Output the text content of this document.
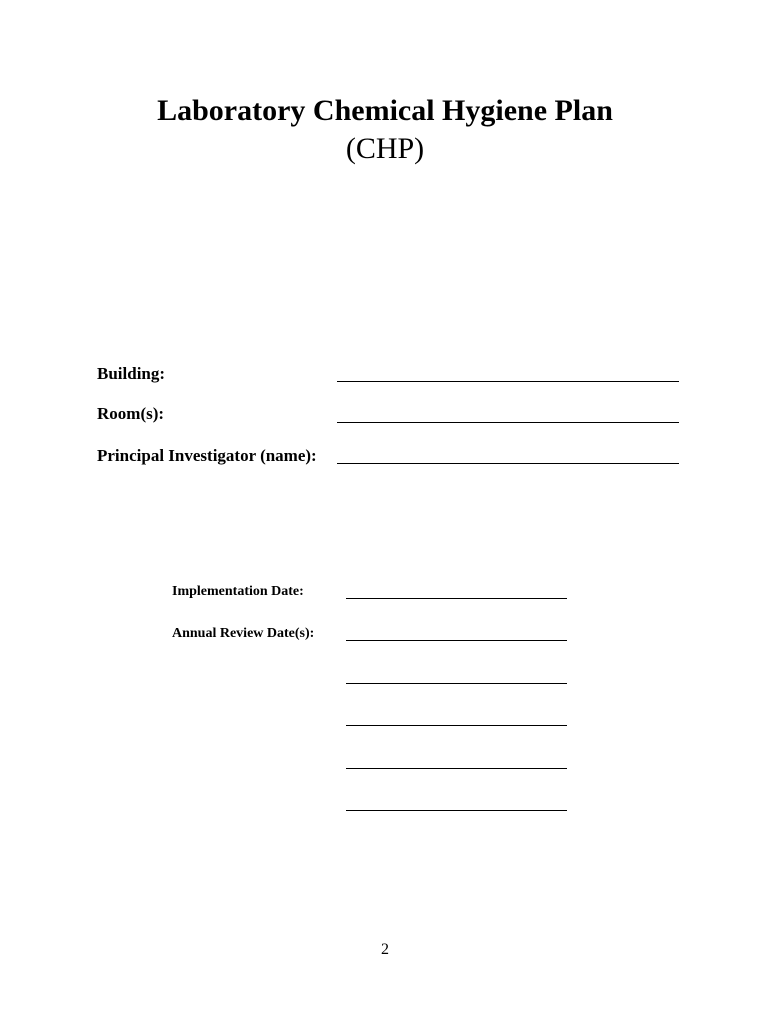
Laboratory Chemical Hygiene Plan
(CHP)
Building:
Room(s):
Principal Investigator (name):
Implementation Date:
Annual Review Date(s):
2
